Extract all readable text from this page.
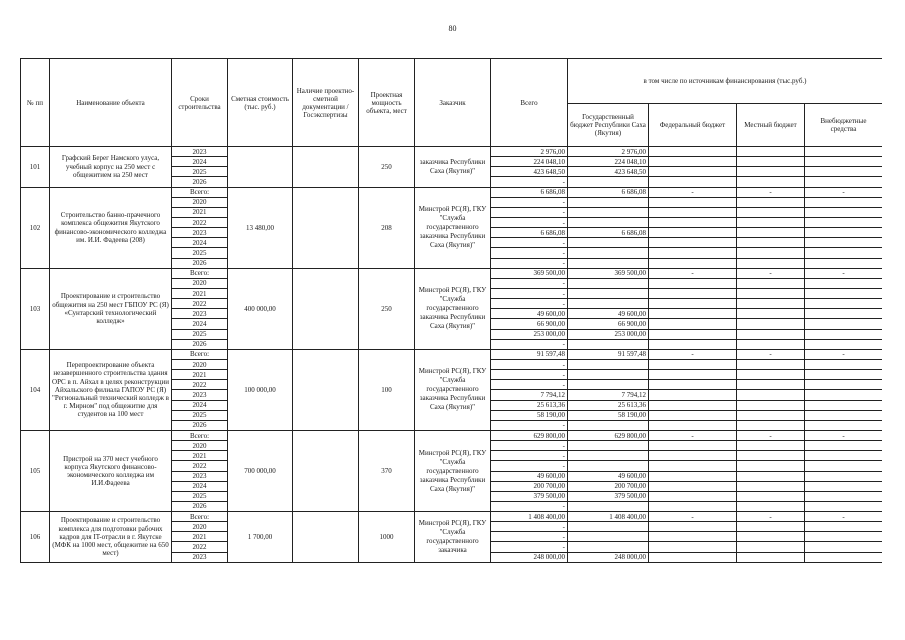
80
№ пп	Наименование объекта	Сроки строительства	Сметная стоимость (тыс. руб.)	Наличие проектно-сметной документации /Госэкспертизы	Проектная мощность объекта, мест	Заказчик	Всего	в том числе по источникам финансирования (тыс.руб.)			
								Государственный бюджет Республики Саха (Якутия)	Федеральный бюджет	Местный бюджет	Внебюджетные средства
101	Графский Берег Намского улуса, учебный корпус на 250 мест с общежитием на 250 мест	2023			250	заказчика Республики Саха (Якутия)"	2 976,00	2 976,00			
		2024					224 048,10	224 048,10			
		2025					423 648,50	423 648,50			
		2026					-				
102	Строительство банно-прачечного комплекса общежития Якутского финансово-экономического колледжа им. И.И. Фадеева (208)	Всего:	13 480,00		208	Минстрой РС(Я), ГКУ "Служба государственного заказчика Республики Саха (Якутия)"	6 686,08	6 686,08	-	-	-
		2020					-				
		2021					-				
		2022					-				
		2023					6 686,08	6 686,08			
		2024					-				
		2025					-				
		2026					-				
103	Проектирование и строительство общежития на 250 мест ГБПОУ РС (Я) «Сунтарский технологический колледж»	Всего:	400 000,00		250	Минстрой РС(Я), ГКУ "Служба государственного заказчика Республики Саха (Якутия)"	369 500,00	369 500,00	-	-	-
		2020					-				
		2021					-				
		2022					-				
		2023					49 600,00	49 600,00			
		2024					66 900,00	66 900,00			
		2025					253 000,00	253 000,00			
		2026					-				
104	Перепроектирование объекта незавершенного строительства здания ОРС в п. Айхал в целях реконструкции Айхальского филиала ГАПОУ РС (Я) "Региональный технический колледж в г. Мирном" под общежитие для студентов на 100 мест	Всего:	100 000,00		100	Минстрой РС(Я), ГКУ "Служба государственного заказчика Республики Саха (Якутия)"	91 597,48	91 597,48	-	-	-
		2020					-				
		2021					-				
		2022					-				
		2023					7 794,12	7 794,12			
		2024					25 613,36	25 613,36			
		2025					58 190,00	58 190,00			
		2026					-				
105	Пристрой на 370 мест учебного корпуса Якутского финансово-экономического колледжа им И.И.Фадеева	Всего:	700 000,00		370	Минстрой РС(Я), ГКУ "Служба государственного заказчика Республики Саха (Якутия)"	629 800,00	629 800,00	-	-	-
		2020					-				
		2021					-				
		2022					-				
		2023					49 600,00	49 600,00			
		2024					200 700,00	200 700,00			
		2025					379 500,00	379 500,00			
		2026					-				
106	Проектирование и строительство комплекса для подготовки рабочих кадров для IT-отрасли в г. Якутске (МФК на 1000 мест, общежитие на 650 мест)	Всего:	1 700,00		1000	Минстрой РС(Я), ГКУ "Служба государственного заказчика	1 408 400,00	1 408 400,00	-	-	-
		2020					-				
		2021					-				
		2022					-				
		2023					248 000,00	248 000,00			
